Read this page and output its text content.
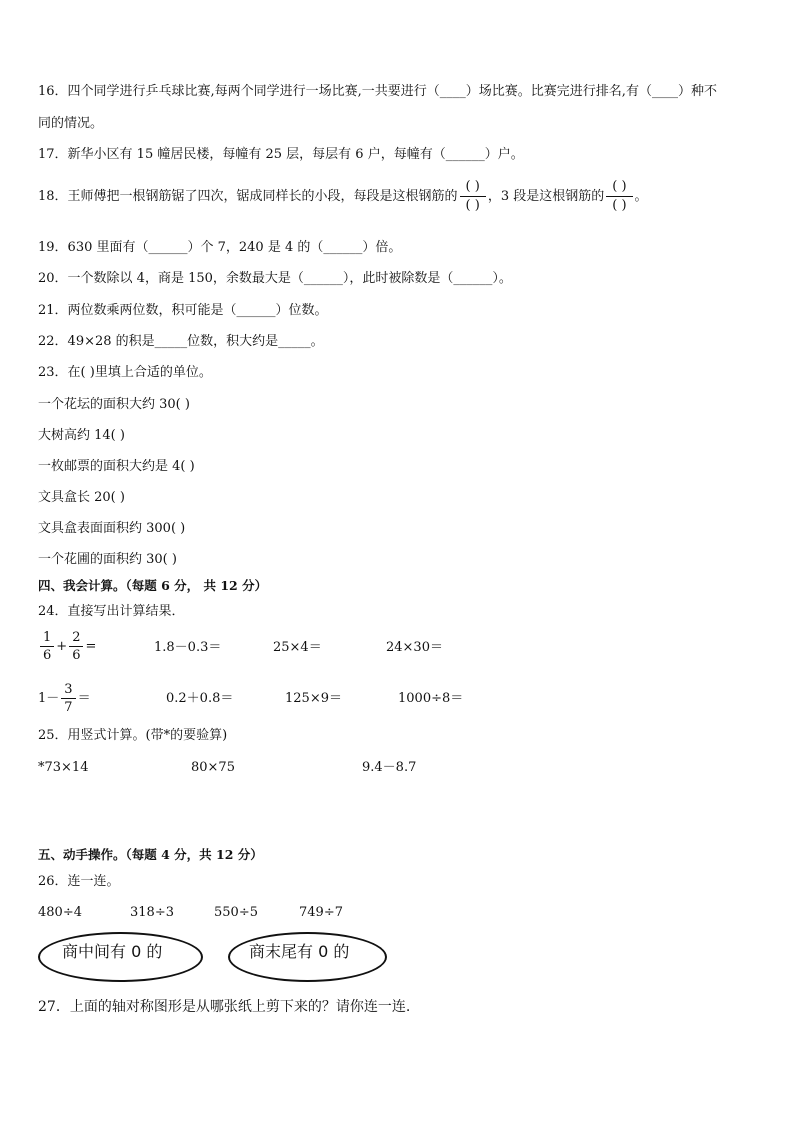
16．四个同学进行乒乓球比赛,每两个同学进行一场比赛,一共要进行（____）场比赛。比赛完进行排名,有（____）种不
同的情况。
17．新华小区有 15 幢居民楼，每幢有 25 层，每层有 6 户，每幢有（______）户。
18．王师傅把一根钢筋锯了四次，锯成同样长的小段，每段是这根钢筋的 $\frac{( )}{( )}$ ，3 段是这根钢筋的 $\frac{( )}{( )}$ 。
19．630 里面有（______）个 7，240 是 4 的（______）倍。
20．一个数除以 4，商是 150，余数最大是（______），此时被除数是（______）。
21．两位数乘两位数，积可能是（______）位数。
22．49×28 的积是_____位数，积大约是_____。
23．在( )里填上合适的单位。
一个花坛的面积大约 30( )
大树高约 14( )
一枚邮票的面积大约是 4( )
文具盒长 20( )
文具盒表面面积约 300( )
一个花圃的面积约 30( )
四、我会计算。（每题 6 分， 共 12 分）
24．直接写出计算结果．
$\frac{1}{6} + \frac{2}{6}$ =	1.8－0.3＝	25×4＝	24×30＝
$1- \frac{3}{7}$ ＝	0.2＋0.8＝	125×9＝	1000÷8＝
25．用竖式计算。(带*的要验算)
*73×14	80×75	9.4－8.7
五、动手操作。（每题 4 分，共 12 分）
26．连一连。
480÷4	318÷3	550÷5	749÷7
商中间有 0 的	商末尾有 0 的
27．上面的轴对称图形是从哪张纸上剪下来的？请你连一连.
